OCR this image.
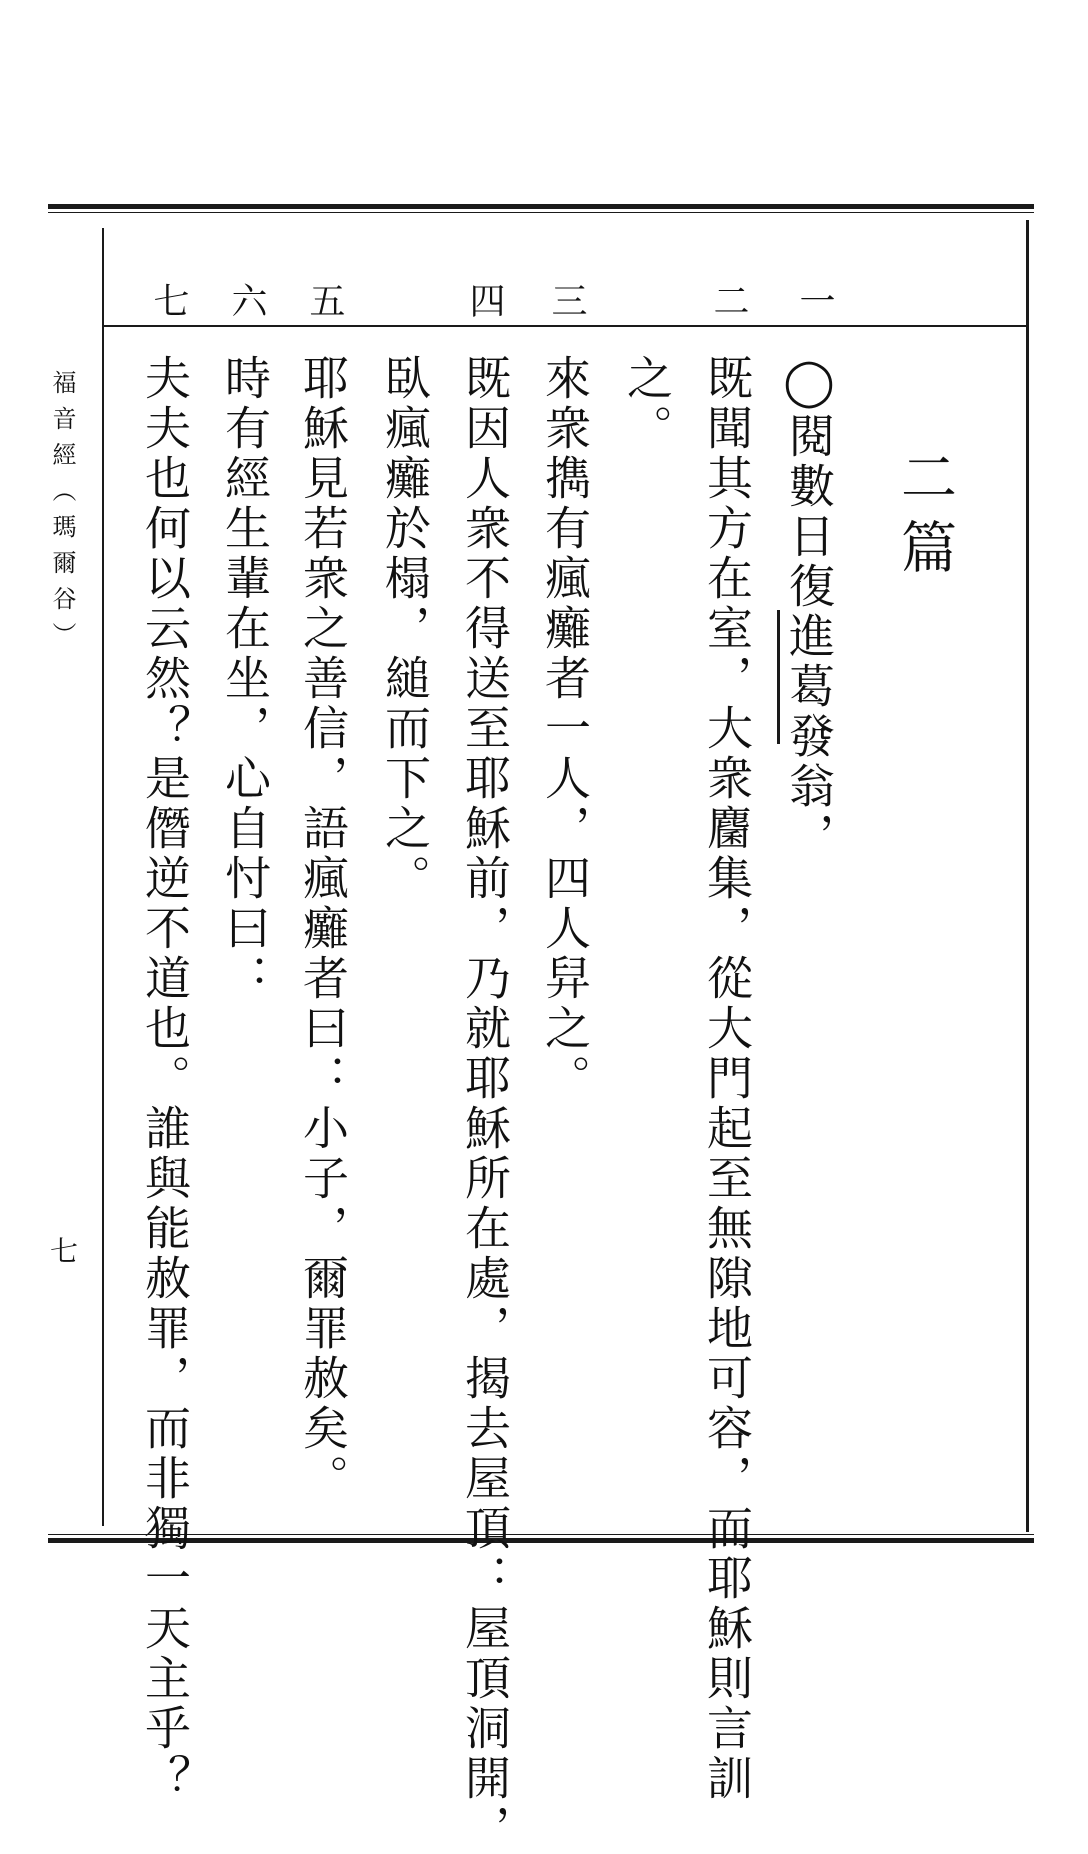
二篇
一
二
三
四
五
六
七
◯閱數日復進葛發翁，
既聞其方在室，大衆麕集，從大門起至無隙地可容，而耶穌則言訓
之。
來衆擕有瘋癱者一人，四人舁之。
既因人衆不得送至耶穌前，乃就耶穌所在處，揭去屋頂：屋頂洞開，
臥瘋癱於榻，縋而下之。
耶穌見若衆之善信，語瘋癱者曰：小子，爾罪赦矣。
時有經生輩在坐，心自忖曰：
夫夫也何以云然？是僭逆不道也。誰與能赦罪，而非獨一天主乎？
福音經（瑪爾谷）
七
